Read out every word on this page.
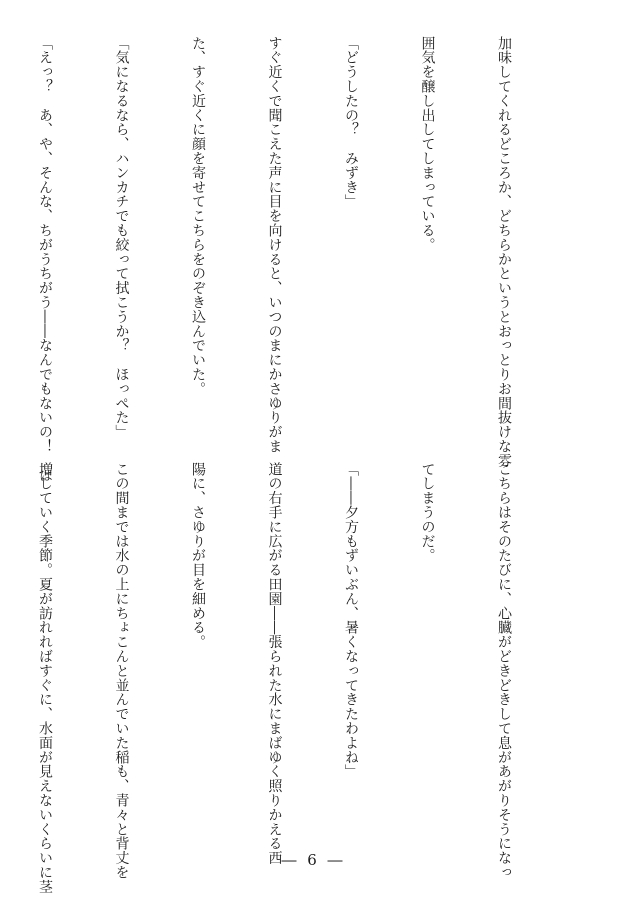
加味してくれるどころか、どちらかというとおっとりお間抜けな雰

囲気を醸し出してしまっている。

「どうしたの？　みずき」

すぐ近くで聞こえた声に目を向けると、いつのまにかさゆりがま

た、すぐ近くに顔を寄せてこちらをのぞき込んでいた。

「気になるなら、ハンカチでも絞って拭こうか？　ほっぺた」

「えっ？　あ、や、そんな、ちがうちがう――なんでもないの！　は

こちらはそのたびに、心臓がどきどきして息があがりそうになっ

てしまうのだ。

「――夕方もずいぶん、暑くなってきたわよね」

道の右手に広がる田園――張られた水にまばゆく照りかえる西

陽に、さゆりが目を細める。

この間までは水の上にちょこんと並んでいた稲も、青々と背丈を

増していく季節。夏が訪れればすぐに、水面が見えないくらいに茎

	― 6 ―
